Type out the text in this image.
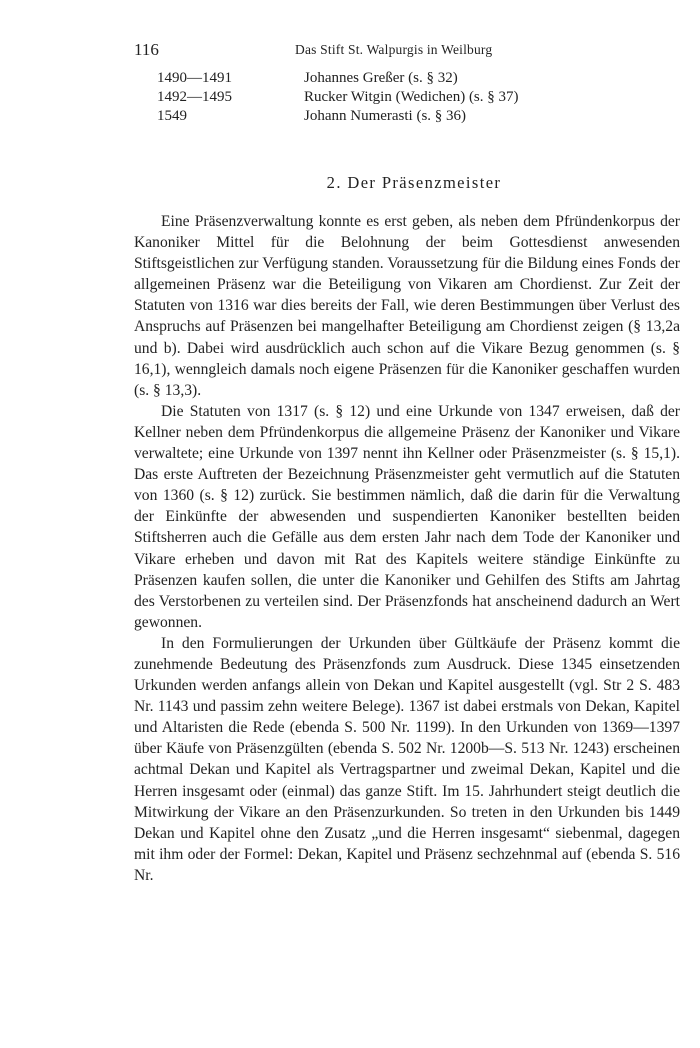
116	Das Stift St. Walpurgis in Weilburg
1490—1491	Johannes Greßer (s. § 32)
1492—1495	Rucker Witgin (Wedichen) (s. § 37)
1549	Johann Numerasti (s. § 36)
2. Der Präsenzmeister

Eine Präsenzverwaltung konnte es erst geben, als neben dem Pfründenkorpus der Kanoniker Mittel für die Belohnung der beim Gottesdienst anwesenden Stiftsgeistlichen zur Verfügung standen. Voraussetzung für die Bildung eines Fonds der allgemeinen Präsenz war die Beteiligung von Vikaren am Chordienst. Zur Zeit der Statuten von 1316 war dies bereits der Fall, wie deren Bestimmungen über Verlust des Anspruchs auf Präsenzen bei mangelhafter Beteiligung am Chordienst zeigen (§ 13,2a und b). Dabei wird ausdrücklich auch schon auf die Vikare Bezug genommen (s. § 16,1), wenngleich damals noch eigene Präsenzen für die Kanoniker geschaffen wurden (s. § 13,3).

Die Statuten von 1317 (s. § 12) und eine Urkunde von 1347 erweisen, daß der Kellner neben dem Pfründenkorpus die allgemeine Präsenz der Kanoniker und Vikare verwaltete; eine Urkunde von 1397 nennt ihn Kellner oder Präsenzmeister (s. § 15,1). Das erste Auftreten der Bezeichnung Präsenzmeister geht vermutlich auf die Statuten von 1360 (s. § 12) zurück. Sie bestimmen nämlich, daß die darin für die Verwaltung der Einkünfte der abwesenden und suspendierten Kanoniker bestellten beiden Stiftsherren auch die Gefälle aus dem ersten Jahr nach dem Tode der Kanoniker und Vikare erheben und davon mit Rat des Kapitels weitere ständige Einkünfte zu Präsenzen kaufen sollen, die unter die Kanoniker und Gehilfen des Stifts am Jahrtag des Verstorbenen zu verteilen sind. Der Präsenzfonds hat anscheinend dadurch an Wert gewonnen.

In den Formulierungen der Urkunden über Gültkäufe der Präsenz kommt die zunehmende Bedeutung des Präsenzfonds zum Ausdruck. Diese 1345 einsetzenden Urkunden werden anfangs allein von Dekan und Kapitel ausgestellt (vgl. Str 2 S. 483 Nr. 1143 und passim zehn weitere Belege). 1367 ist dabei erstmals von Dekan, Kapitel und Altaristen die Rede (ebenda S. 500 Nr. 1199). In den Urkunden von 1369—1397 über Käufe von Präsenzgülten (ebenda S. 502 Nr. 1200b—S. 513 Nr. 1243) erscheinen achtmal Dekan und Kapitel als Vertragspartner und zweimal Dekan, Kapitel und die Herren insgesamt oder (einmal) das ganze Stift. Im 15. Jahrhundert steigt deutlich die Mitwirkung der Vikare an den Präsenzurkunden. So treten in den Urkunden bis 1449 Dekan und Kapitel ohne den Zusatz „und die Herren insgesamt“ siebenmal, dagegen mit ihm oder der Formel: Dekan, Kapitel und Präsenz sechzehnmal auf (ebenda S. 516 Nr.
